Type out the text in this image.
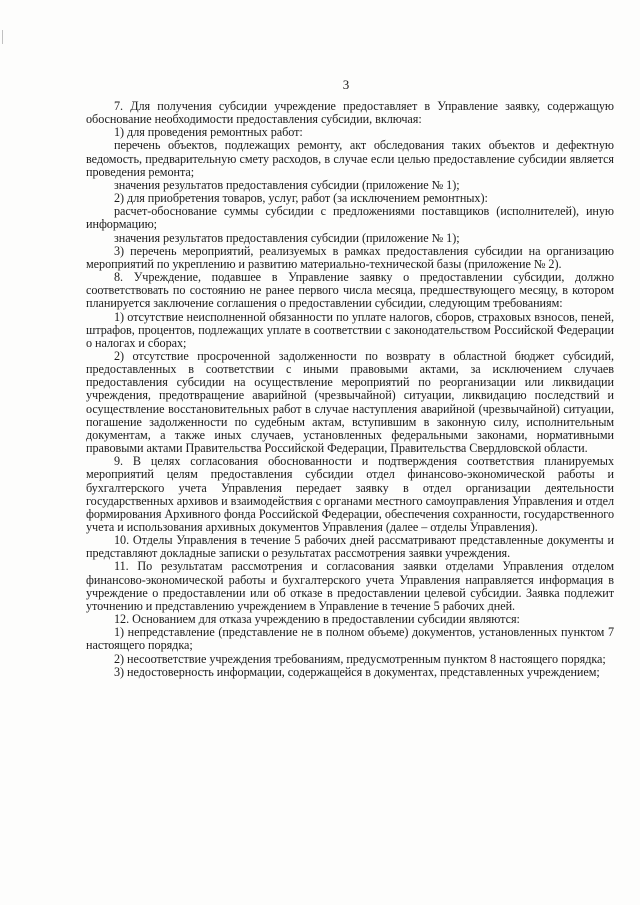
3

7. Для получения субсидии учреждение предоставляет в Управление заявку, содержащую обоснование необходимости предоставления субсидии, включая:

1) для проведения ремонтных работ:

перечень объектов, подлежащих ремонту, акт обследования таких объектов и дефектную ведомость, предварительную смету расходов, в случае если целью предоставление субсидии является проведения ремонта;

значения результатов предоставления субсидии (приложение № 1);

2) для приобретения товаров, услуг, работ (за исключением ремонтных):

расчет-обоснование суммы субсидии с предложениями поставщиков (исполнителей), иную информацию;

значения результатов предоставления субсидии (приложение № 1);

3) перечень мероприятий, реализуемых в рамках предоставления субсидии на организацию мероприятий по укреплению и развитию материально-технической базы (приложение № 2).

8. Учреждение, подавшее в Управление заявку о предоставлении субсидии, должно соответствовать по состоянию не ранее первого числа месяца, предшествующего месяцу, в котором планируется заключение соглашения о предоставлении субсидии, следующим требованиям:

1) отсутствие неисполненной обязанности по уплате налогов, сборов, страховых взносов, пеней, штрафов, процентов, подлежащих уплате в соответствии с законодательством Российской Федерации о налогах и сборах;

2) отсутствие просроченной задолженности по возврату в областной бюджет субсидий, предоставленных в соответствии с иными правовыми актами, за исключением случаев предоставления субсидии на осуществление мероприятий по реорганизации или ликвидации учреждения, предотвращение аварийной (чрезвычайной) ситуации, ликвидацию последствий и осуществление восстановительных работ в случае наступления аварийной (чрезвычайной) ситуации, погашение задолженности по судебным актам, вступившим в законную силу, исполнительным документам, а также иных случаев, установленных федеральными законами, нормативными правовыми актами Правительства Российской Федерации, Правительства Свердловской области.

9. В целях согласования обоснованности и подтверждения соответствия планируемых мероприятий целям предоставления субсидии отдел финансово-экономической работы и бухгалтерского учета Управления передает заявку в отдел организации деятельности государственных архивов и взаимодействия с органами местного самоуправления Управления и отдел формирования Архивного фонда Российской Федерации, обеспечения сохранности, государственного учета и использования архивных документов Управления (далее – отделы Управления).

10. Отделы Управления в течение 5 рабочих дней рассматривают представленные документы и представляют докладные записки о результатах рассмотрения заявки учреждения.

11. По результатам рассмотрения и согласования заявки отделами Управления отделом финансово-экономической работы и бухгалтерского учета Управления направляется информация в учреждение о предоставлении или об отказе в предоставлении целевой субсидии. Заявка подлежит уточнению и представлению учреждением в Управление в течение 5 рабочих дней.

12. Основанием для отказа учреждению в предоставлении субсидии являются:

1) непредставление (представление не в полном объеме) документов, установленных пунктом 7 настоящего порядка;

2) несоответствие учреждения требованиям, предусмотренным пунктом 8 настоящего порядка;

3) недостоверность информации, содержащейся в документах, представленных учреждением;
